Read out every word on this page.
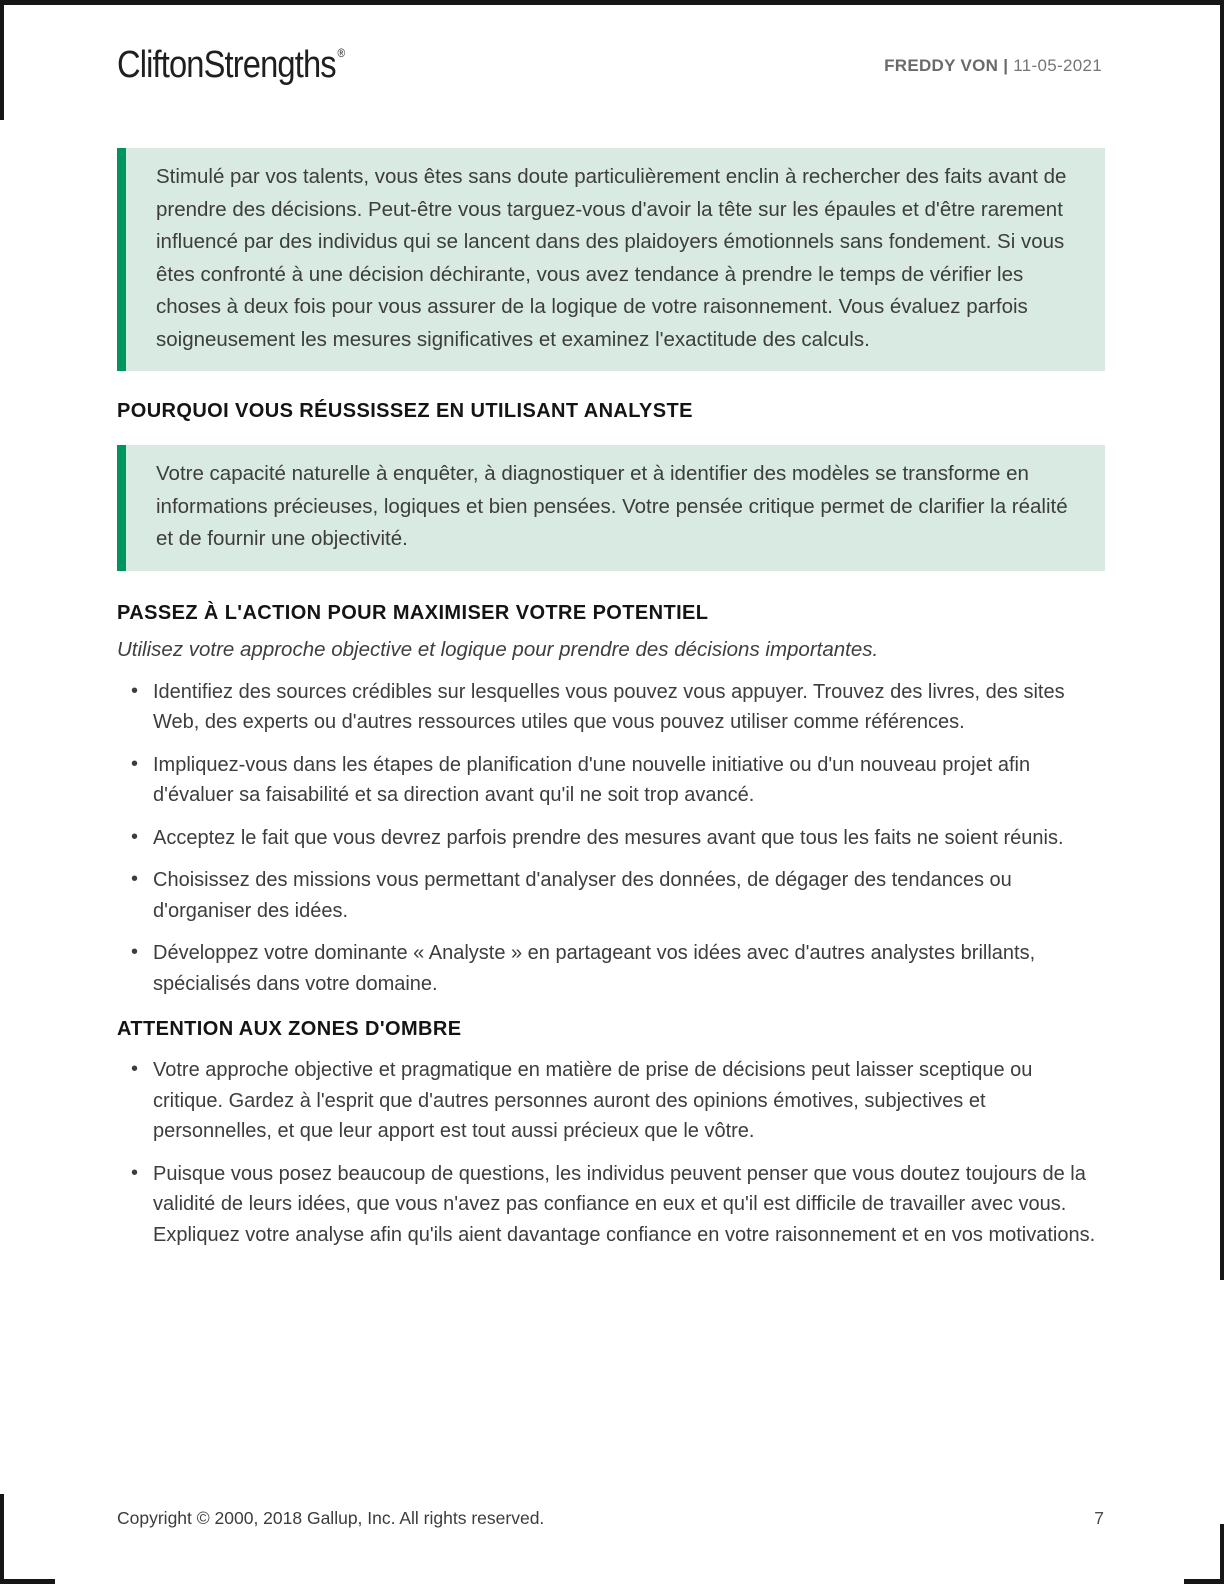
CliftonStrengths ®
FREDDY VON | 11-05-2021
Stimulé par vos talents, vous êtes sans doute particulièrement enclin à rechercher des faits avant de prendre des décisions. Peut-être vous targuez-vous d'avoir la tête sur les épaules et d'être rarement influencé par des individus qui se lancent dans des plaidoyers émotionnels sans fondement. Si vous êtes confronté à une décision déchirante, vous avez tendance à prendre le temps de vérifier les choses à deux fois pour vous assurer de la logique de votre raisonnement. Vous évaluez parfois soigneusement les mesures significatives et examinez l'exactitude des calculs.
POURQUOI VOUS RÉUSSISSEZ EN UTILISANT ANALYSTE
Votre capacité naturelle à enquêter, à diagnostiquer et à identifier des modèles se transforme en informations précieuses, logiques et bien pensées. Votre pensée critique permet de clarifier la réalité et de fournir une objectivité.
PASSEZ À L'ACTION POUR MAXIMISER VOTRE POTENTIEL
Utilisez votre approche objective et logique pour prendre des décisions importantes.
• Identifiez des sources crédibles sur lesquelles vous pouvez vous appuyer. Trouvez des livres, des sites Web, des experts ou d'autres ressources utiles que vous pouvez utiliser comme références.
• Impliquez-vous dans les étapes de planification d'une nouvelle initiative ou d'un nouveau projet afin d'évaluer sa faisabilité et sa direction avant qu'il ne soit trop avancé.
• Acceptez le fait que vous devrez parfois prendre des mesures avant que tous les faits ne soient réunis.
• Choisissez des missions vous permettant d'analyser des données, de dégager des tendances ou d'organiser des idées.
• Développez votre dominante « Analyste » en partageant vos idées avec d'autres analystes brillants, spécialisés dans votre domaine.
ATTENTION AUX ZONES D'OMBRE
• Votre approche objective et pragmatique en matière de prise de décisions peut laisser sceptique ou critique. Gardez à l'esprit que d'autres personnes auront des opinions émotives, subjectives et personnelles, et que leur apport est tout aussi précieux que le vôtre.
• Puisque vous posez beaucoup de questions, les individus peuvent penser que vous doutez toujours de la validité de leurs idées, que vous n'avez pas confiance en eux et qu'il est difficile de travailler avec vous. Expliquez votre analyse afin qu'ils aient davantage confiance en votre raisonnement et en vos motivations.
Copyright © 2000, 2018 Gallup, Inc. All rights reserved.	7
